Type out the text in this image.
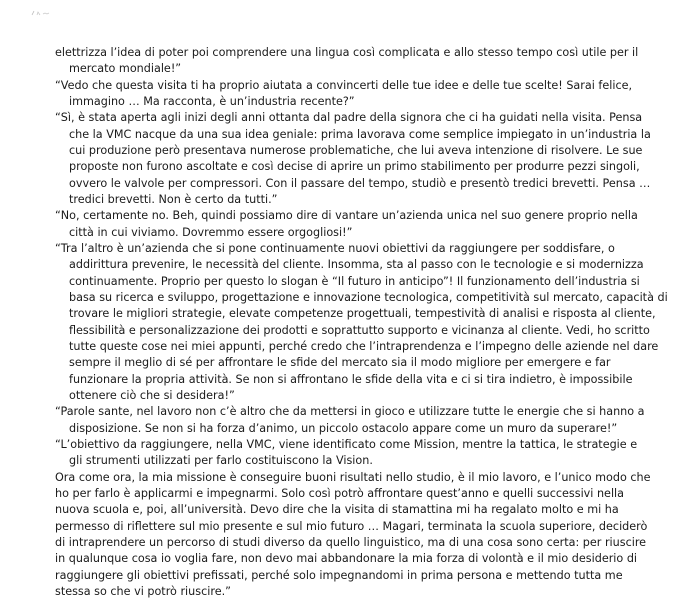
elettrizza l’idea di poter poi comprendere una lingua così complicata e allo stesso tempo così utile per il
mercato mondiale!”
“Vedo che questa visita ti ha proprio aiutata a convincerti delle tue idee e delle tue scelte! Sarai felice,
immagino … Ma racconta, è un’industria recente?”
“Sì, è stata aperta agli inizi degli anni ottanta dal padre della signora che ci ha guidati nella visita. Pensa
che la VMC nacque da una sua idea geniale: prima lavorava come semplice impiegato in un’industria la
cui produzione però presentava numerose problematiche, che lui aveva intenzione di risolvere. Le sue
proposte non furono ascoltate e così decise di aprire un primo stabilimento per produrre pezzi singoli,
ovvero le valvole per compressori. Con il passare del tempo, studiò e presentò tredici brevetti. Pensa …
tredici brevetti. Non è certo da tutti.”
“No, certamente no. Beh, quindi possiamo dire di vantare un’azienda unica nel suo genere proprio nella
città in cui viviamo. Dovremmo essere orgogliosi!”
“Tra l’altro è un’azienda che si pone continuamente nuovi obiettivi da raggiungere per soddisfare, o
addirittura prevenire, le necessità del cliente. Insomma, sta al passo con le tecnologie e si modernizza
continuamente. Proprio per questo lo slogan è “Il futuro in anticipo”! Il funzionamento dell’industria si
basa su ricerca e sviluppo, progettazione e innovazione tecnologica, competitività sul mercato, capacità di
trovare le migliori strategie, elevate competenze progettuali, tempestività di analisi e risposta al cliente,
flessibilità e personalizzazione dei prodotti e soprattutto supporto e vicinanza al cliente. Vedi, ho scritto
tutte queste cose nei miei appunti, perché credo che l’intraprendenza e l’impegno delle aziende nel dare
sempre il meglio di sé per affrontare le sfide del mercato sia il modo migliore per emergere e far
funzionare la propria attività. Se non si affrontano le sfide della vita e ci si tira indietro, è impossibile
ottenere ciò che si desidera!”
“Parole sante, nel lavoro non c’è altro che da mettersi in gioco e utilizzare tutte le energie che si hanno a
disposizione. Se non si ha forza d’animo, un piccolo ostacolo appare come un muro da superare!”
“L’obiettivo da raggiungere, nella VMC, viene identificato come Mission, mentre la tattica, le strategie e
gli strumenti utilizzati per farlo costituiscono la Vision.
Ora come ora, la mia missione è conseguire buoni risultati nello studio, è il mio lavoro, e l’unico modo che
ho per farlo è applicarmi e impegnarmi. Solo così potrò affrontare quest’anno e quelli successivi nella
nuova scuola e, poi, all’università. Devo dire che la visita di stamattina mi ha regalato molto e mi ha
permesso di riflettere sul mio presente e sul mio futuro … Magari, terminata la scuola superiore, deciderò
di intraprendere un percorso di studi diverso da quello linguistico, ma di una cosa sono certa: per riuscire
in qualunque cosa io voglia fare, non devo mai abbandonare la mia forza di volontà e il mio desiderio di
raggiungere gli obiettivi prefissati, perché solo impegnandomi in prima persona e mettendo tutta me
stessa so che vi potrò riuscire.”
